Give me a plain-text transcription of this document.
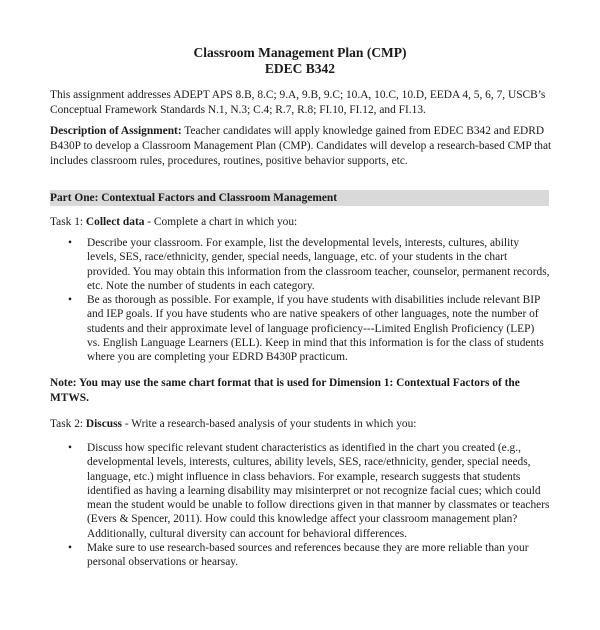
Classroom Management Plan (CMP)
EDEC B342
This assignment addresses ADEPT APS 8.B, 8.C; 9.A, 9.B, 9.C; 10.A, 10.C, 10.D, EEDA 4, 5, 6, 7, USCB’s Conceptual Framework Standards N.1, N.3; C.4; R.7, R.8; FI.10, FI.12, and FI.13.
Description of Assignment: Teacher candidates will apply knowledge gained from EDEC B342 and EDRD B430P to develop a Classroom Management Plan (CMP). Candidates will develop a research-based CMP that includes classroom rules, procedures, routines, positive behavior supports, etc.
Part One: Contextual Factors and Classroom Management
Task 1: Collect data - Complete a chart in which you:
• Describe your classroom. For example, list the developmental levels, interests, cultures, ability levels, SES, race/ethnicity, gender, special needs, language, etc. of your students in the chart provided. You may obtain this information from the classroom teacher, counselor, permanent records, etc. Note the number of students in each category.
• Be as thorough as possible. For example, if you have students with disabilities include relevant BIP and IEP goals. If you have students who are native speakers of other languages, note the number of students and their approximate level of language proficiency---Limited English Proficiency (LEP) vs. English Language Learners (ELL). Keep in mind that this information is for the class of students where you are completing your EDRD B430P practicum.
Note: You may use the same chart format that is used for Dimension 1: Contextual Factors of the MTWS.
Task 2: Discuss - Write a research-based analysis of your students in which you:
• Discuss how specific relevant student characteristics as identified in the chart you created (e.g., developmental levels, interests, cultures, ability levels, SES, race/ethnicity, gender, special needs, language, etc.) might influence in class behaviors. For example, research suggests that students identified as having a learning disability may misinterpret or not recognize facial cues; which could mean the student would be unable to follow directions given in that manner by classmates or teachers (Evers & Spencer, 2011). How could this knowledge affect your classroom management plan? Additionally, cultural diversity can account for behavioral differences.
• Make sure to use research-based sources and references because they are more reliable than your personal observations or hearsay.
